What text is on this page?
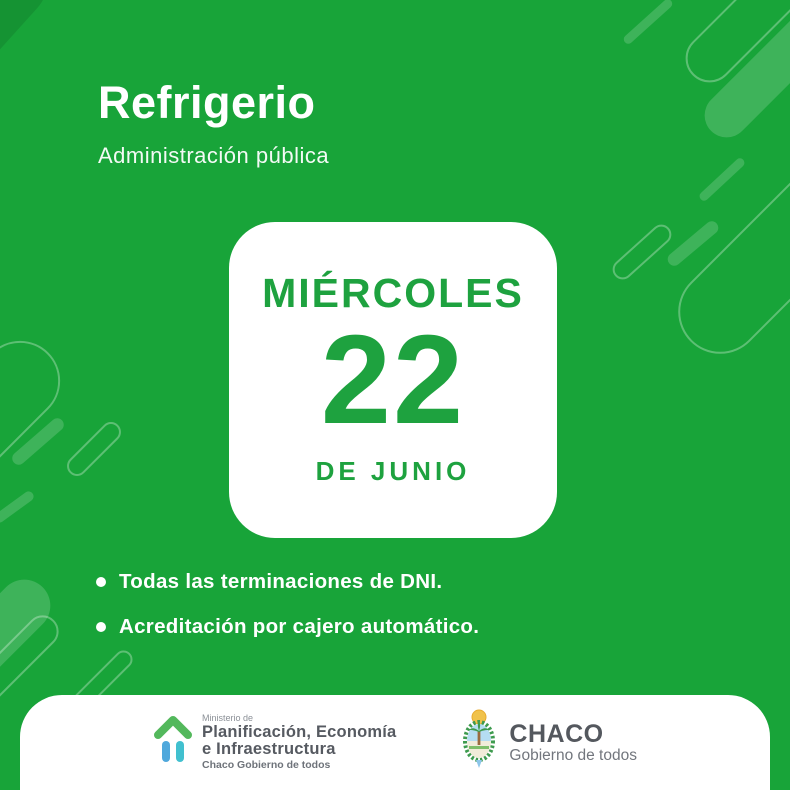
Refrigerio
Administración pública
MIÉRCOLES
22
DE JUNIO
Todas las terminaciones de DNI.
Acreditación por cajero automático.
Ministerio de
Planificación, Economía
e Infraestructura
Chaco Gobierno de todos
CHACO
Gobierno de todos
